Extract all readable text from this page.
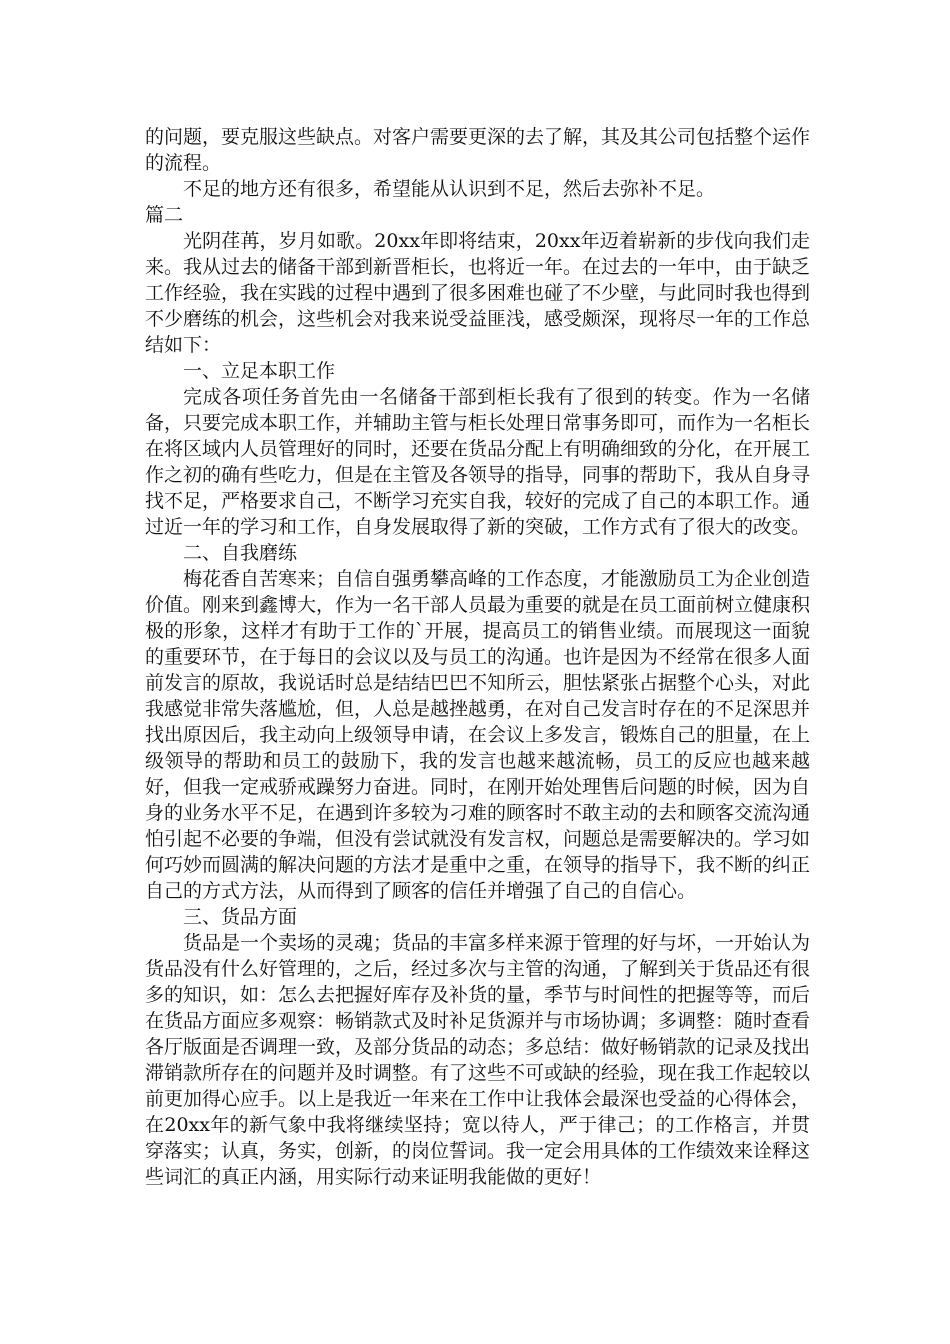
的问题，要克服这些缺点。对客户需要更深的去了解，其及其公司包括整个运作的流程。

不足的地方还有很多，希望能从认识到不足，然后去弥补不足。

篇二

光阴荏苒，岁月如歌。20xx年即将结束，20xx年迈着崭新的步伐向我们走来。我从过去的储备干部到新晋柜长，也将近一年。在过去的一年中，由于缺乏工作经验，我在实践的过程中遇到了很多困难也碰了不少壁，与此同时我也得到不少磨练的机会，这些机会对我来说受益匪浅，感受颇深，现将尽一年的工作总结如下：

一、立足本职工作

完成各项任务首先由一名储备干部到柜长我有了很到的转变。作为一名储备，只要完成本职工作，并辅助主管与柜长处理日常事务即可，而作为一名柜长在将区域内人员管理好的同时，还要在货品分配上有明确细致的分化，在开展工作之初的确有些吃力，但是在主管及各领导的指导，同事的帮助下，我从自身寻找不足，严格要求自己，不断学习充实自我，较好的完成了自己的本职工作。通过近一年的学习和工作，自身发展取得了新的突破，工作方式有了很大的改变。

二、自我磨练

梅花香自苦寒来；自信自强勇攀高峰的工作态度，才能激励员工为企业创造价值。刚来到鑫博大，作为一名干部人员最为重要的就是在员工面前树立健康积极的形象，这样才有助于工作的`开展，提高员工的销售业绩。而展现这一面貌的重要环节，在于每日的会议以及与员工的沟通。也许是因为不经常在很多人面前发言的原故，我说话时总是结结巴巴不知所云，胆怯紧张占据整个心头，对此我感觉非常失落尴尬，但，人总是越挫越勇，在对自己发言时存在的不足深思并找出原因后，我主动向上级领导申请，在会议上多发言，锻炼自己的胆量，在上级领导的帮助和员工的鼓励下，我的发言也越来越流畅，员工的反应也越来越好，但我一定戒骄戒躁努力奋进。同时，在刚开始处理售后问题的时候，因为自身的业务水平不足，在遇到许多较为刁难的顾客时不敢主动的去和顾客交流沟通怕引起不必要的争端，但没有尝试就没有发言权，问题总是需要解决的。学习如何巧妙而圆满的解决问题的方法才是重中之重，在领导的指导下，我不断的纠正自己的方式方法，从而得到了顾客的信任并增强了自己的自信心。

三、货品方面

货品是一个卖场的灵魂；货品的丰富多样来源于管理的好与坏，一开始认为货品没有什么好管理的，之后，经过多次与主管的沟通，了解到关于货品还有很多的知识，如：怎么去把握好库存及补货的量，季节与时间性的把握等等，而后在货品方面应多观察：畅销款式及时补足货源并与市场协调；多调整：随时查看各厅版面是否调理一致，及部分货品的动态；多总结：做好畅销款的记录及找出滞销款所存在的问题并及时调整。有了这些不可或缺的经验，现在我工作起较以前更加得心应手。以上是我近一年来在工作中让我体会最深也受益的心得体会，在20xx年的新气象中我将继续坚持；宽以待人，严于律己；的工作格言，并贯穿落实；认真，务实，创新，的岗位誓词。我一定会用具体的工作绩效来诠释这些词汇的真正内涵，用实际行动来证明我能做的更好！
